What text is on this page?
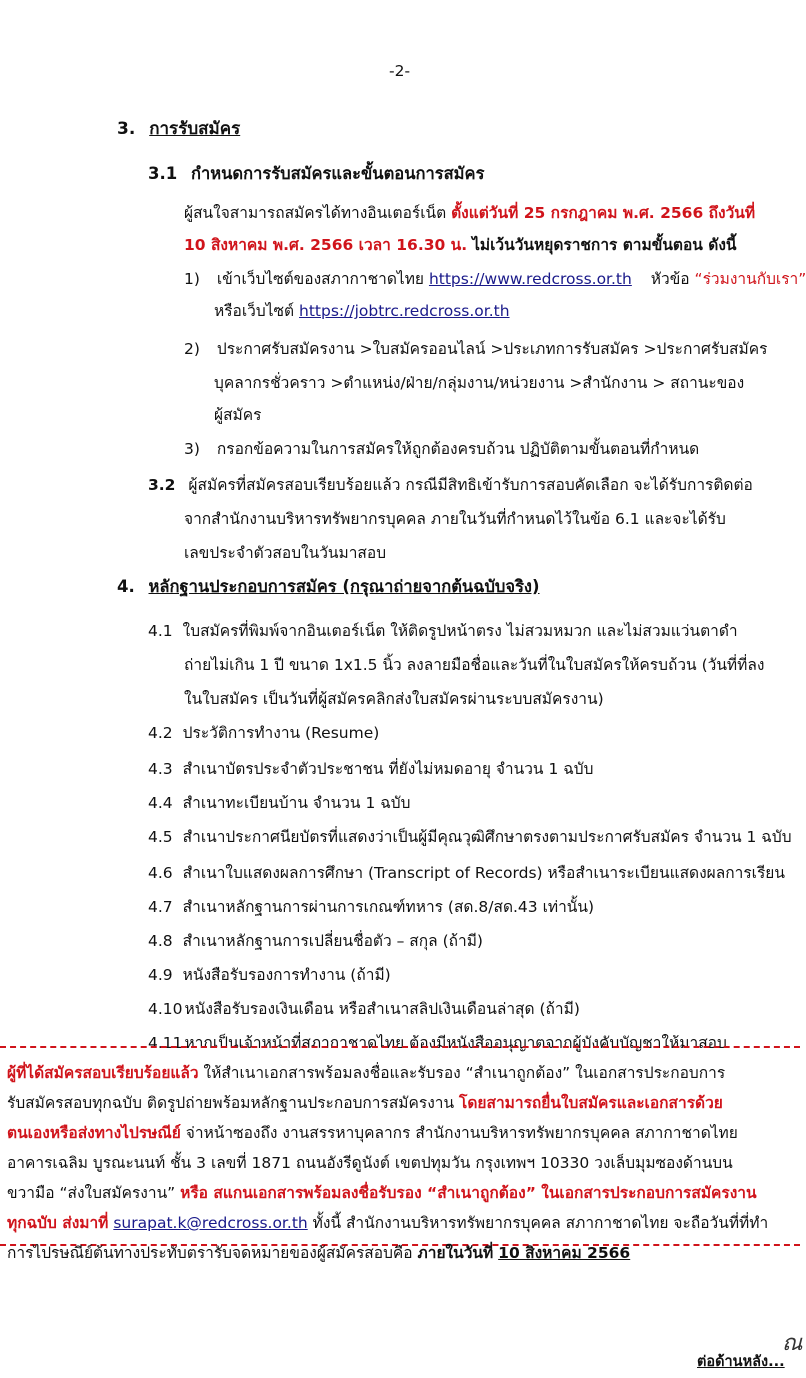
-2-
3. การรับสมัคร
3.1 กำหนดการรับสมัครและขั้นตอนการสมัคร
ผู้สนใจสามารถสมัครได้ทางอินเตอร์เน็ต ตั้งแต่วันที่ 25 กรกฎาคม พ.ศ. 2566 ถึงวันที่
10 สิงหาคม พ.ศ. 2566 เวลา 16.30 น. ไม่เว้นวันหยุดราชการ ตามขั้นตอน ดังนี้
1) เข้าเว็บไซต์ของสภากาชาดไทย https://www.redcross.or.th หัวข้อ “ร่วมงานกับเรา”
หรือเว็บไซต์ https://jobtrc.redcross.or.th
2) ประกาศรับสมัครงาน >ใบสมัครออนไลน์ >ประเภทการรับสมัคร >ประกาศรับสมัคร
บุคลากรชั่วคราว >ตำแหน่ง/ฝ่าย/กลุ่มงาน/หน่วยงาน >สำนักงาน > สถานะของ
ผู้สมัคร
3) กรอกข้อความในการสมัครให้ถูกต้องครบถ้วน ปฏิบัติตามขั้นตอนที่กำหนด
3.2 ผู้สมัครที่สมัครสอบเรียบร้อยแล้ว กรณีมีสิทธิเข้ารับการสอบคัดเลือก จะได้รับการติดต่อ
จากสำนักงานบริหารทรัพยากรบุคคล ภายในวันที่กำหนดไว้ในข้อ 6.1 และจะได้รับ
เลขประจำตัวสอบในวันมาสอบ
4. หลักฐานประกอบการสมัคร (กรุณาถ่ายจากต้นฉบับจริง)
4.1 ใบสมัครที่พิมพ์จากอินเตอร์เน็ต ให้ติดรูปหน้าตรง ไม่สวมหมวก และไม่สวมแว่นตาดำ
ถ่ายไม่เกิน 1 ปี ขนาด 1x1.5 นิ้ว ลงลายมือชื่อและวันที่ในใบสมัครให้ครบถ้วน (วันที่ที่ลง
ในใบสมัคร เป็นวันที่ผู้สมัครคลิกส่งใบสมัครผ่านระบบสมัครงาน)
4.2 ประวัติการทำงาน (Resume)
4.3 สำเนาบัตรประจำตัวประชาชน ที่ยังไม่หมดอายุ จำนวน 1 ฉบับ
4.4 สำเนาทะเบียนบ้าน จำนวน 1 ฉบับ
4.5 สำเนาประกาศนียบัตรที่แสดงว่าเป็นผู้มีคุณวุฒิศึกษาตรงตามประกาศรับสมัคร จำนวน 1 ฉบับ
4.6 สำเนาใบแสดงผลการศึกษา (Transcript of Records) หรือสำเนาระเบียนแสดงผลการเรียน
4.7 สำเนาหลักฐานการผ่านการเกณฑ์ทหาร (สด.8/สด.43 เท่านั้น)
4.8 สำเนาหลักฐานการเปลี่ยนชื่อตัว – สกุล (ถ้ามี)
4.9 หนังสือรับรองการทำงาน (ถ้ามี)
4.10 หนังสือรับรองเงินเดือน หรือสำเนาสลิปเงินเดือนล่าสุด (ถ้ามี)
4.11 หากเป็นเจ้าหน้าที่สภากาชาดไทย ต้องมีหนังสืออนุญาตจากผู้บังคับบัญชาให้มาสอบ
ผู้ที่ได้สมัครสอบเรียบร้อยแล้ว ให้สำเนาเอกสารพร้อมลงชื่อและรับรอง “สำเนาถูกต้อง” ในเอกสารประกอบการ
รับสมัครสอบทุกฉบับ ติดรูปถ่ายพร้อมหลักฐานประกอบการสมัครงาน โดยสามารถยื่นใบสมัครและเอกสารด้วย
ตนเองหรือส่งทางไปรษณีย์ จ่าหน้าซองถึง งานสรรหาบุคลากร สำนักงานบริหารทรัพยากรบุคคล สภากาชาดไทย
อาคารเฉลิม บูรณะนนท์ ชั้น 3 เลขที่ 1871 ถนนอังรีดูนังต์ เขตปทุมวัน กรุงเทพฯ 10330 วงเล็บมุมซองด้านบน
ขวามือ “ส่งใบสมัครงาน” หรือ สแกนเอกสารพร้อมลงชื่อรับรอง “สำเนาถูกต้อง” ในเอกสารประกอบการสมัครงาน
ทุกฉบับ ส่งมาที่ surapat.k@redcross.or.th ทั้งนี้ สำนักงานบริหารทรัพยากรบุคคล สภากาชาดไทย จะถือวันที่ที่ทำ
การไปรษณีย์ต้นทางประทับตรารับจดหมายของผู้สมัครสอบคือ ภายในวันที่ 10 สิงหาคม 2566
ต่อด้านหลัง...
ณ
